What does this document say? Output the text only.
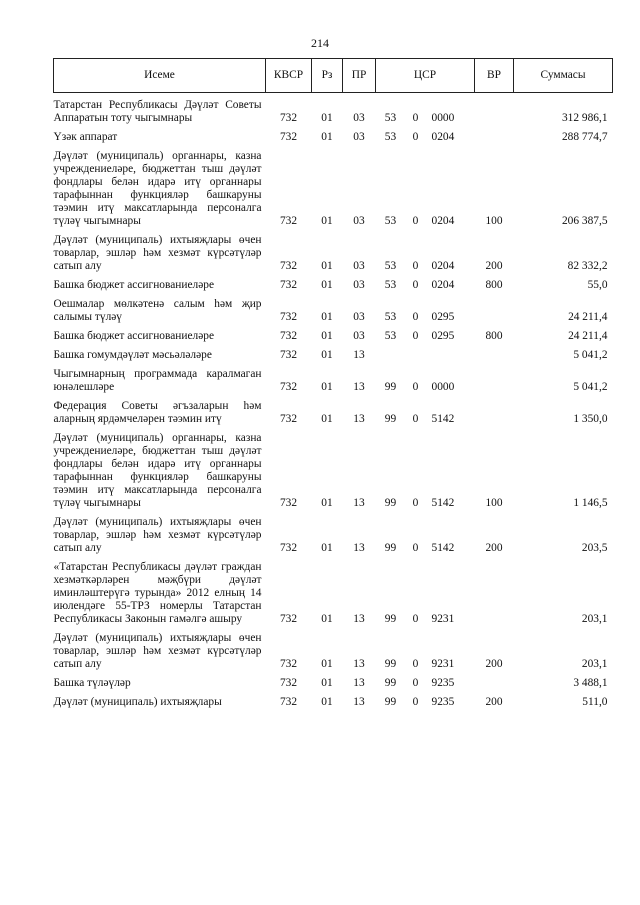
214
Исеме	КВСР	Рз	ПР	ЦСР			ВР	Суммасы
Татарстан Республикасы Дәүләт Советы Аппаратын тоту чыгымнары	732	01	03	53	0	0000		312 986,1
Үзәк аппарат	732	01	03	53	0	0204		288 774,7
Дәүләт (муниципаль) органнары, казна учреждениеләре, бюджеттан тыш дәүләт фондлары белән идарә итү органнары тарафыннан функцияләр башкаруны тәэмин итү максатларында персоналга түләү чыгымнары	732	01	03	53	0	0204	100	206 387,5
Дәүләт (муниципаль) ихтыяҗлары өчен товарлар, эшләр һәм хезмәт күрсәтүләр сатып алу	732	01	03	53	0	0204	200	82 332,2
Башка бюджет ассигнованиеләре	732	01	03	53	0	0204	800	55,0
Оешмалар мөлкәтенә салым һәм җир салымы түләү	732	01	03	53	0	0295		24 211,4
Башка бюджет ассигнованиеләре	732	01	03	53	0	0295	800	24 211,4
Башка гомумдәүләт мәсьәләләре	732	01	13					5 041,2
Чыгымнарның программада каралмаган юнәлешләре	732	01	13	99	0	0000		5 041,2
Федерация Советы әгъзаларын һәм аларның ярдәмчеләрен тәэмин итү	732	01	13	99	0	5142		1 350,0
Дәүләт (муниципаль) органнары, казна учреждениеләре, бюджеттан тыш дәүләт фондлары белән идарә итү органнары тарафыннан функцияләр башкаруны тәэмин итү максатларында персоналга түләү чыгымнары	732	01	13	99	0	5142	100	1 146,5
Дәүләт (муниципаль) ихтыяҗлары өчен товарлар, эшләр һәм хезмәт күрсәтүләр сатып алу	732	01	13	99	0	5142	200	203,5
«Татарстан Республикасы дәүләт граждан хезмәткәрләрен мәҗбүри дәүләт иминләштерүгә турында» 2012 елның 14 июлендәге 55-ТРЗ номерлы Татарстан Республикасы Законын гамәлгә ашыру	732	01	13	99	0	9231		203,1
Дәүләт (муниципаль) ихтыяҗлары өчен товарлар, эшләр һәм хезмәт күрсәтүләр сатып алу	732	01	13	99	0	9231	200	203,1
Башка түләүләр	732	01	13	99	0	9235		3 488,1
Дәүләт (муниципаль) ихтыяҗлары	732	01	13	99	0	9235	200	511,0
